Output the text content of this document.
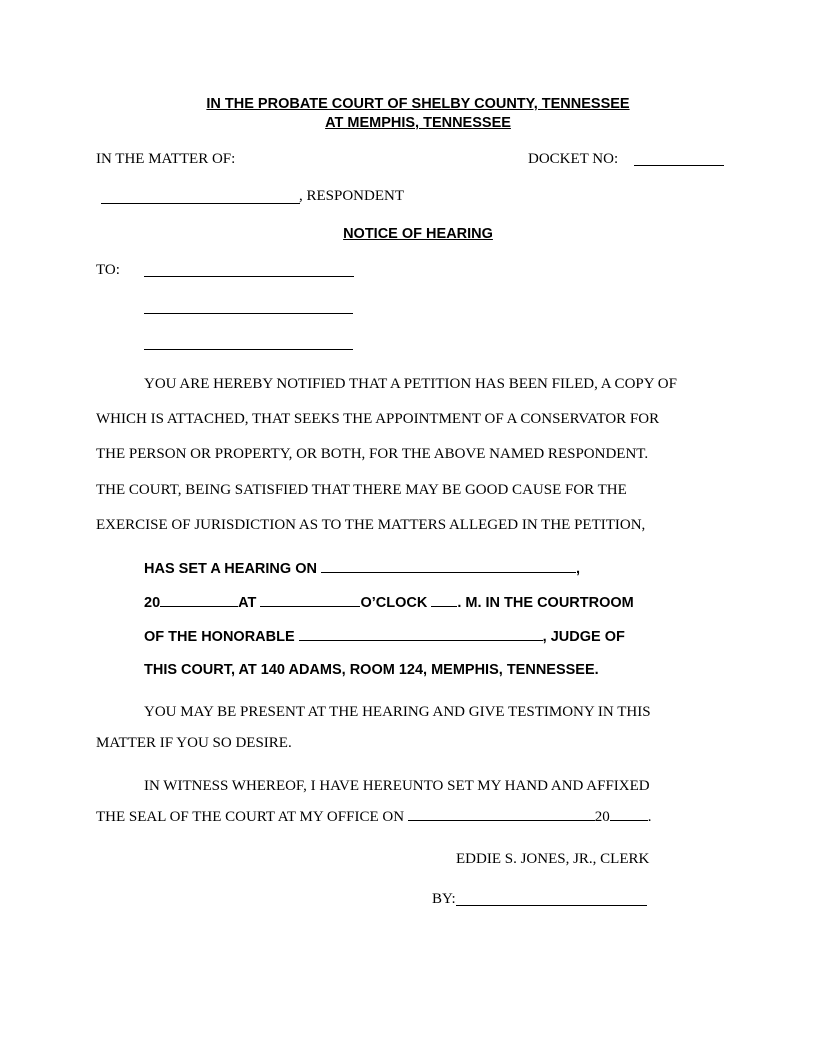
IN THE PROBATE COURT OF SHELBY COUNTY, TENNESSEE
AT MEMPHIS, TENNESSEE
IN THE MATTER OF:	DOCKET NO:
, RESPONDENT
NOTICE OF HEARING
TO:
YOU ARE HEREBY NOTIFIED THAT A PETITION HAS BEEN FILED, A COPY OF
WHICH IS ATTACHED, THAT SEEKS THE APPOINTMENT OF A CONSERVATOR FOR
THE PERSON OR PROPERTY, OR BOTH, FOR THE ABOVE NAMED RESPONDENT.
THE COURT, BEING SATISFIED THAT THERE MAY BE GOOD CAUSE FOR THE
EXERCISE OF JURISDICTION AS TO THE MATTERS ALLEGED IN THE PETITION,
HAS SET A HEARING ON	,
20	AT	O’CLOCK . M. IN THE COURTROOM
OF THE HONORABLE	, JUDGE OF
THIS COURT, AT 140 ADAMS, ROOM 124, MEMPHIS, TENNESSEE.
YOU MAY BE PRESENT AT THE HEARING AND GIVE TESTIMONY IN THIS
MATTER IF YOU SO DESIRE.
IN WITNESS WHEREOF, I HAVE HEREUNTO SET MY HAND AND AFFIXED
THE SEAL OF THE COURT AT MY OFFICE ON	20	.
EDDIE S. JONES, JR., CLERK
BY:
